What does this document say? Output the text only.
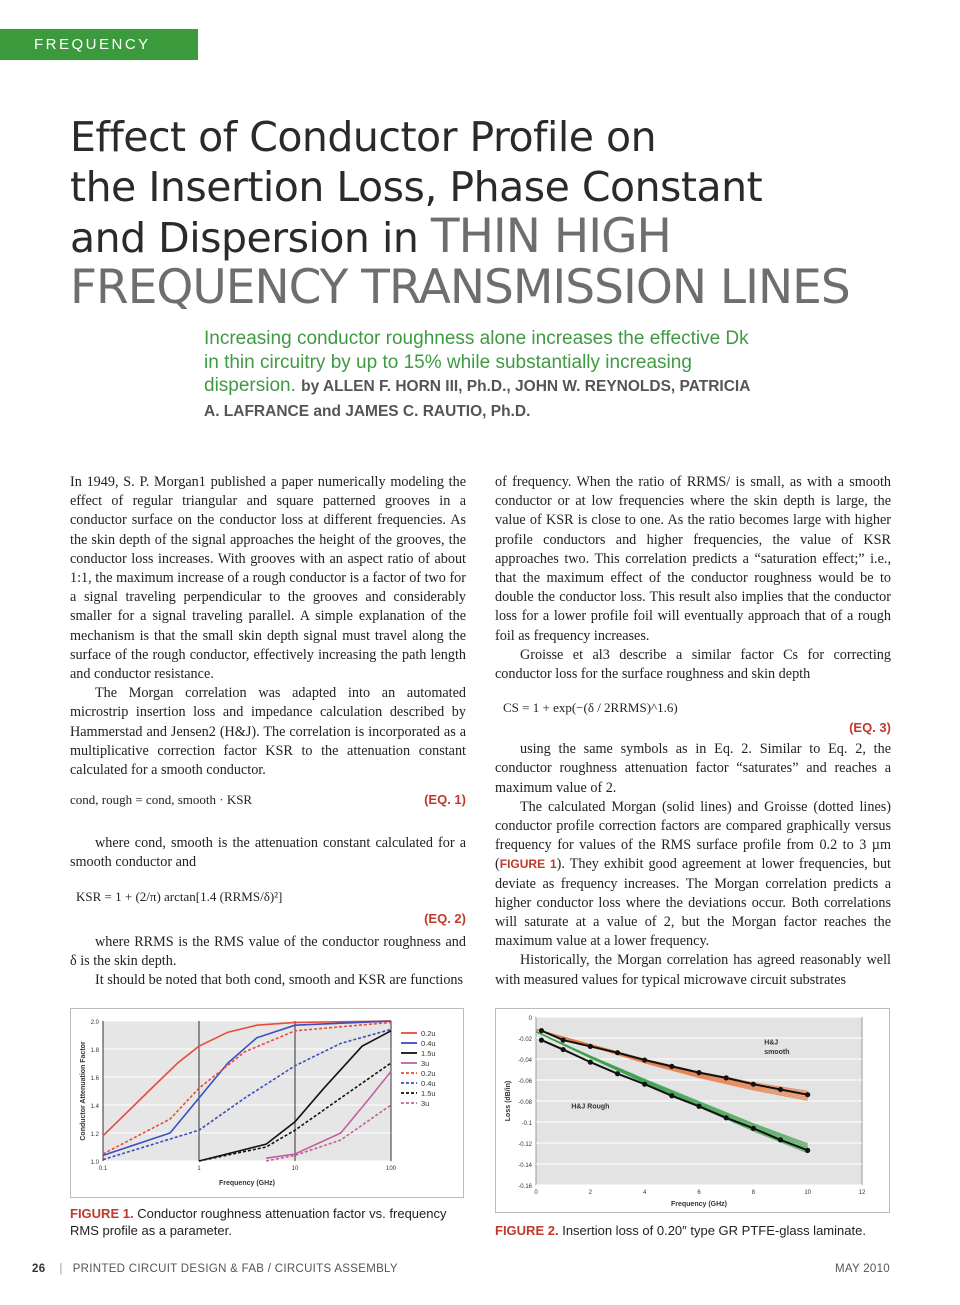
FREQUENCY LOSS
Effect of Conductor Profile on
the Insertion Loss, Phase Constant
and Dispersion in THIN HIGH
FREQUENCY TRANSMISSION LINES
Increasing conductor roughness alone increases the effective Dk in thin circuitry by up to 15% while substantially increasing dispersion. by ALLEN F. HORN III, Ph.D., JOHN W. REYNOLDS, PATRICIA A. LAFRANCE and JAMES C. RAUTIO, Ph.D.

In 1949, S. P. Morgan1 published a paper numerically modeling the effect of regular triangular and square patterned grooves in a conductor surface on the conductor loss at different frequencies. As the skin depth of the signal approaches the height of the grooves, the conductor loss increases. With grooves with an aspect ratio of about 1:1, the maximum increase of a rough conductor is a factor of two for a signal traveling perpendicular to the grooves and considerably smaller for a signal traveling parallel. A simple explanation of the mechanism is that the small skin depth signal must travel along the surface of the rough conductor, effectively increasing the path length and conductor resistance.

The Morgan correlation was adapted into an automated microstrip insertion loss and impedance calculation described by Hammerstad and Jensen2 (H&J). The correlation is incorporated as a multiplicative correction factor KSR to the attenuation constant calculated for a smooth conductor.

cond, rough = cond, smooth · KSR	(EQ. 1)

where cond, smooth is the attenuation constant calculated for a smooth conductor and

KSR = 1 + (2/π) arctan[1.4 (RRMS/δ)²]
(EQ. 2)

where RRMS is the RMS value of the conductor roughness and δ is the skin depth.

It should be noted that both cond, smooth and KSR are functions

of frequency. When the ratio of RRMS/ is small, as with a smooth conductor or at low frequencies where the skin depth is large, the value of KSR is close to one. As the ratio becomes large with higher profile conductors and higher frequencies, the value of KSR approaches two. This correlation predicts a “saturation effect;” i.e., that the maximum effect of the conductor roughness would be to double the conductor loss. This result also implies that the conductor loss for a lower profile foil will eventually approach that of a rough foil as frequency increases.

Groisse et al3 describe a similar factor Cs for correcting conductor loss for the surface roughness and skin depth

CS = 1 + exp(−(δ / 2RRMS)^1.6)
(EQ. 3)

using the same symbols as in Eq. 2. Similar to Eq. 2, the conductor roughness attenuation factor “saturates” and reaches a maximum value of 2.

The calculated Morgan (solid lines) and Groisse (dotted lines) conductor profile correction factors are compared graphically versus frequency for values of the RMS surface profile from 0.2 to 3 µm (FIGURE 1). They exhibit good agreement at lower frequencies, but deviate as frequency increases. The Morgan correlation predicts a higher conductor loss where the deviations occur. Both correlations will saturate at a value of 2, but the Morgan factor reaches the maximum value at a lower frequency.

Historically, the Morgan correlation has agreed reasonably well with measured values for typical microwave circuit substrates

1.0
1.2
1.4
1.6
1.8
2.0
0.1	1	10	100
Frequency (GHz)
Conductor Attenuation Factor
0.2u
0.4u
1.5u
3u
0.2u
0.4u
1.5u
3u
FIGURE 1. Conductor roughness attenuation factor vs. frequency RMS profile as a parameter.
0
-0.02
-0.04
-0.06
-0.08
-0.1
-0.12
-0.14
-0.16
0	2	4	6	8	10	12
Frequency (GHz)
Loss (dB/in)
H&J
smooth
H&J Rough
FIGURE 2. Insertion loss of 0.20″ type GR PTFE-glass laminate.
26 | PRINTED CIRCUIT DESIGN & FAB / CIRCUITS ASSEMBLY	MAY 2010
